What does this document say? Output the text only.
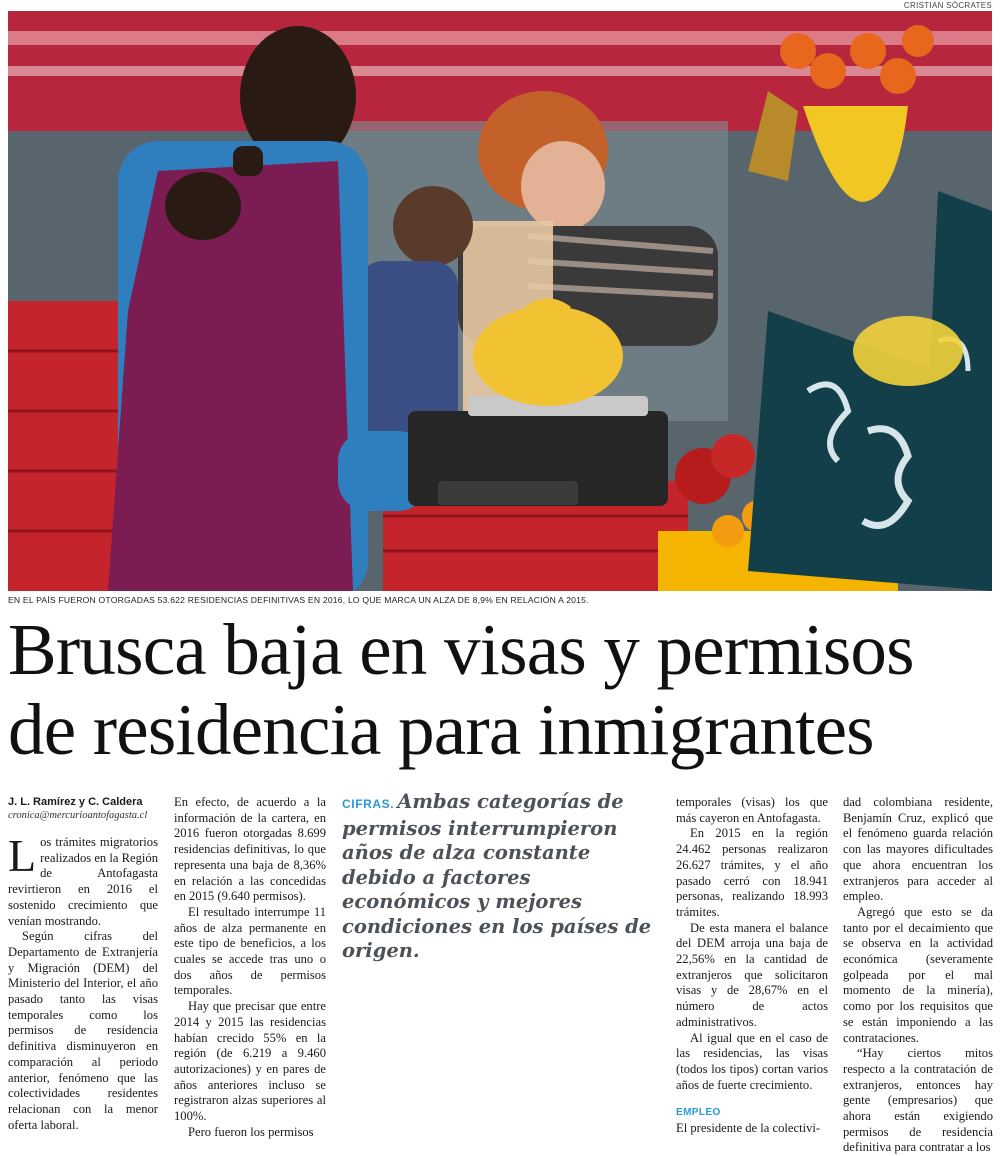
CRISTIAN SÓCRATES
EN EL PAÍS FUERON OTORGADAS 53.622 RESIDENCIAS DEFINITIVAS EN 2016, LO QUE MARCA UN ALZA DE 8,9% EN RELACIÓN A 2015.
Brusca baja en visas y permisos
de residencia para inmigrantes
J. L. Ramírez y C. Caldera
cronica@mercurioantofagasta.cl

Los trámites migratorios realizados en la Región de Antofagasta revirtieron en 2016 el sostenido crecimiento que venían mostrando.

Según cifras del Departamento de Extranjería y Migración (DEM) del Ministerio del Interior, el año pasado tanto las visas temporales como los permisos de residencia definitiva disminuyeron en comparación al periodo anterior, fenómeno que las colectividades residentes relacionan con la menor oferta laboral.

En efecto, de acuerdo a la información de la cartera, en 2016 fueron otorgadas 8.699 residencias definitivas, lo que representa una baja de 8,36% en relación a las concedidas en 2015 (9.640 permisos).

El resultado interrumpe 11 años de alza permanente en este tipo de beneficios, a los cuales se accede tras uno o dos años de permisos temporales.

Hay que precisar que entre 2014 y 2015 las residencias habían crecido 55% en la región (de 6.219 a 9.460 autorizaciones) y en pares de años anteriores incluso se registraron alzas superiores al 100%.

Pero fueron los permisos

CIFRAS. Ambas categorías de permisos interrumpieron años de alza constante debido a factores económicos y mejores condiciones en los países de origen.

temporales (visas) los que más cayeron en Antofagasta.

En 2015 en la región 24.462 personas realizaron 26.627 trámites, y el año pasado cerró con 18.941 personas, realizando 18.993 trámites.

De esta manera el balance del DEM arroja una baja de 22,56% en la cantidad de extranjeros que solicitaron visas y de 28,67% en el número de actos administrativos.

Al igual que en el caso de las residencias, las visas (todos los tipos) cortan varios años de fuerte crecimiento.

EMPLEO

El presidente de la colectivi-

dad colombiana residente, Benjamín Cruz, explicó que el fenómeno guarda relación con las mayores dificultades que ahora encuentran los extranjeros para acceder al empleo.

Agregó que esto se da tanto por el decaimiento que se observa en la actividad económica (severamente golpeada por el mal momento de la minería), como por los requisitos que se están imponiendo a las contrataciones.

“Hay ciertos mitos respecto a la contratación de extranjeros, entonces hay gente (empresarios) que ahora están exigiendo permisos de residencia definitiva para contratar a los
